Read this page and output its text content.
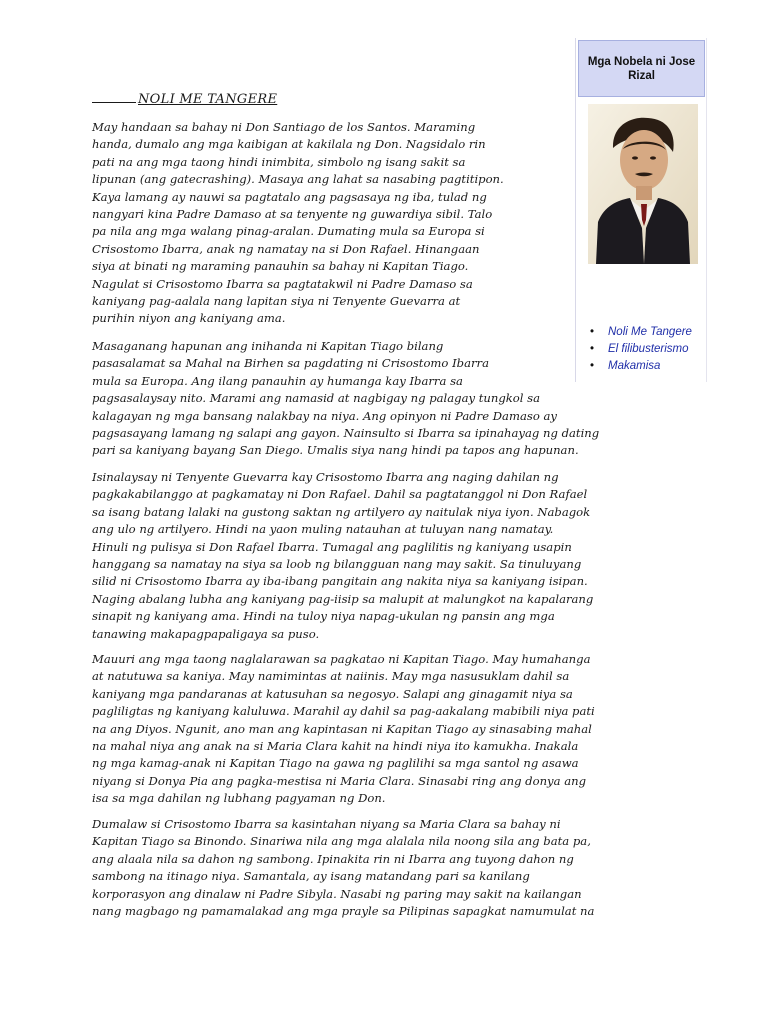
NOLI ME TANGERE
May handaan sa bahay ni Don Santiago de los Santos. Maraming
handa, dumalo ang mga kaibigan at kakilala ng Don. Nagsidalo rin
pati na ang mga taong hindi inimbita, simbolo ng isang sakit sa
lipunan (ang gatecrashing). Masaya ang lahat sa nasabing pagtitipon.
Kaya lamang ay nauwi sa pagtatalo ang pagsasaya ng iba, tulad ng
nangyari kina Padre Damaso at sa tenyente ng guwardiya sibil. Talo
pa nila ang mga walang pinag-aralan. Dumating mula sa Europa si
Crisostomo Ibarra, anak ng namatay na si Don Rafael. Hinangaan
siya at binati ng maraming panauhin sa bahay ni Kapitan Tiago.
Nagulat si Crisostomo Ibarra sa pagtatakwil ni Padre Damaso sa
kaniyang pag-aalala nang lapitan siya ni Tenyente Guevarra at
purihin niyon ang kaniyang ama.
Masaganang hapunan ang inihanda ni Kapitan Tiago bilang
pasasalamat sa Mahal na Birhen sa pagdating ni Crisostomo Ibarra
mula sa Europa. Ang ilang panauhin ay humanga kay Ibarra sa
pagsasalaysay nito. Marami ang namasid at nagbigay ng palagay tungkol sa
kalagayan ng mga bansang nalakbay na niya. Ang opinyon ni Padre Damaso ay
pagsasayang lamang ng salapi ang gayon. Nainsulto si Ibarra sa ipinahayag ng dating
pari sa kaniyang bayang San Diego. Umalis siya nang hindi pa tapos ang hapunan.
Isinalaysay ni Tenyente Guevarra kay Crisostomo Ibarra ang naging dahilan ng
pagkakabilanggo at pagkamatay ni Don Rafael. Dahil sa pagtatanggol ni Don Rafael
sa isang batang lalaki na gustong saktan ng artilyero ay naitulak niya iyon. Nabagok
ang ulo ng artilyero. Hindi na yaon muling natauhan at tuluyan nang namatay.
Hinuli ng pulisya si Don Rafael Ibarra. Tumagal ang paglilitis ng kaniyang usapin
hanggang sa namatay na siya sa loob ng bilangguan nang may sakit. Sa tinuluyang
silid ni Crisostomo Ibarra ay iba-ibang pangitain ang nakita niya sa kaniyang isipan.
Naging abalang lubha ang kaniyang pag-iisip sa malupit at malungkot na kapalarang
sinapit ng kaniyang ama. Hindi na tuloy niya napag-ukulan ng pansin ang mga
tanawing makapagpapaligaya sa puso.
Mauuri ang mga taong naglalarawan sa pagkatao ni Kapitan Tiago. May humahanga
at natutuwa sa kaniya. May namimintas at naiinis. May mga nasusuklam dahil sa
kaniyang mga pandaranas at katusuhan sa negosyo. Salapi ang ginagamit niya sa
pagliligtas ng kaniyang kaluluwa. Marahil ay dahil sa pag-aakalang mabibili niya pati
na ang Diyos. Ngunit, ano man ang kapintasan ni Kapitan Tiago ay sinasabing mahal
na mahal niya ang anak na si Maria Clara kahit na hindi niya ito kamukha. Inakala
ng mga kamag-anak ni Kapitan Tiago na gawa ng paglilihi sa mga santol ng asawa
niyang si Donya Pia ang pagka-mestisa ni Maria Clara. Sinasabi ring ang donya ang
isa sa mga dahilan ng lubhang pagyaman ng Don.
Dumalaw si Crisostomo Ibarra sa kasintahan niyang sa Maria Clara sa bahay ni
Kapitan Tiago sa Binondo. Sinariwa nila ang mga alalala nila noong sila ang bata pa,
ang alaala nila sa dahon ng sambong. Ipinakita rin ni Ibarra ang tuyong dahon ng
sambong na itinago niya. Samantala, ay isang matandang pari sa kanilang
korporasyon ang dinalaw ni Padre Sibyla. Nasabi ng paring may sakit na kailangan
nang magbago ng pamamalakad ang mga prayle sa Pilipinas sapagkat namumulat na
Mga Nobela ni Jose Rizal
• Noli Me Tangere
• El filibusterismo
• Makamisa
